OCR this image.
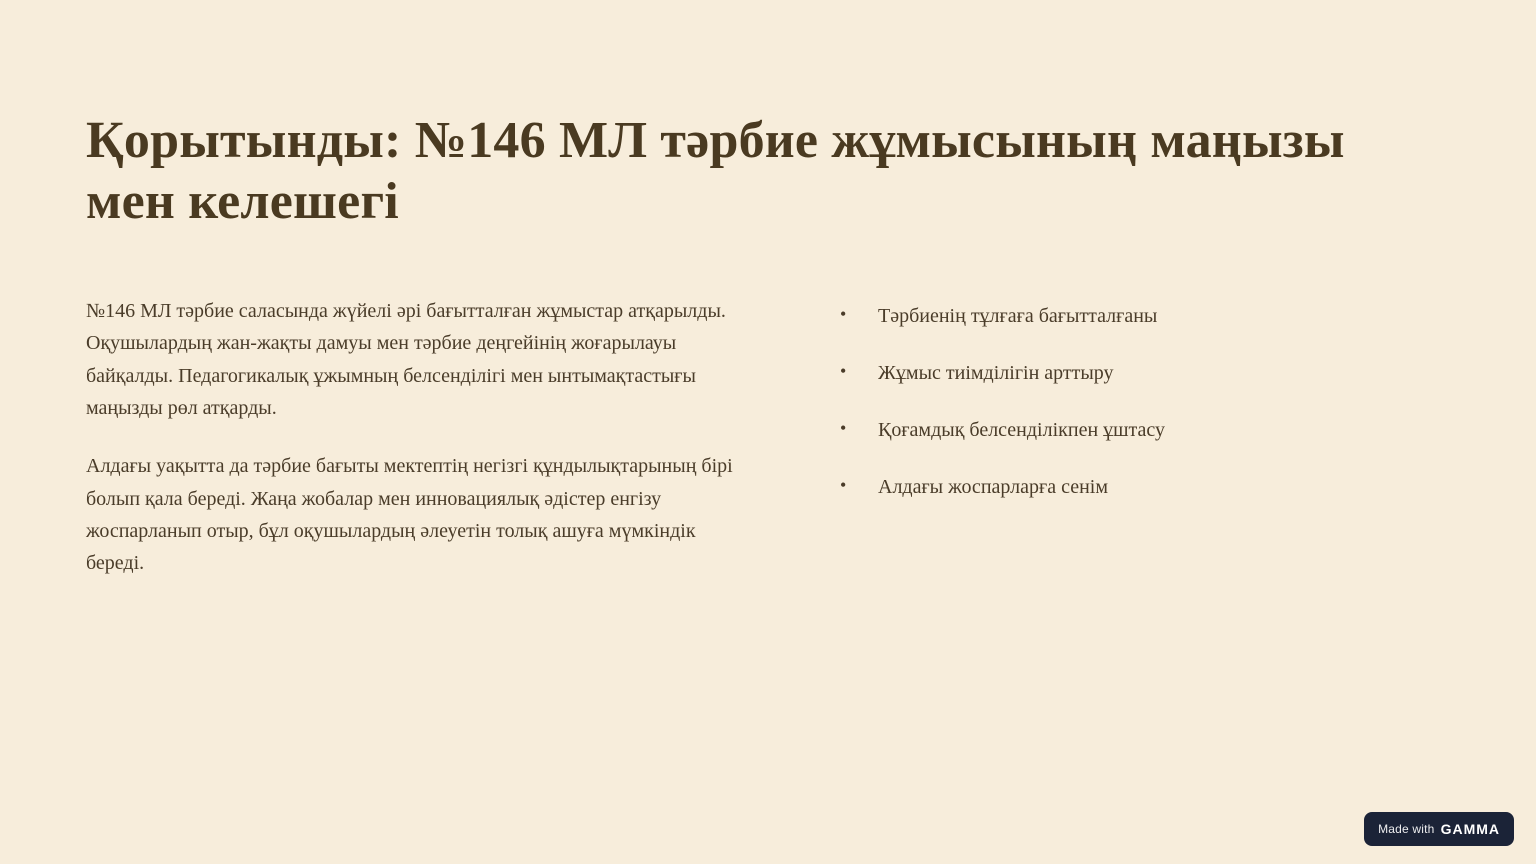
Қорытынды: №146 МЛ тәрбие жұмысының маңызы мен келешегі

№146 МЛ тәрбие саласында жүйелі әрі бағытталған жұмыстар атқарылды. Оқушылардың жан-жақты дамуы мен тәрбие деңгейінің жоғарылауы байқалды. Педагогикалық ұжымның белсенділігі мен ынтымақтастығы маңызды рөл атқарды.

Алдағы уақытта да тәрбие бағыты мектептің негізгі құндылықтарының бірі болып қала береді. Жаңа жобалар мен инновациялық әдістер енгізу жоспарланып отыр, бұл оқушылардың әлеуетін толық ашуға мүмкіндік береді.

•	Тәрбиенің тұлғаға бағытталғаны
•	Жұмыс тиімділігін арттыру
•	Қоғамдық белсенділікпен ұштасу
•	Алдағы жоспарларға сенім
Made with GAMMA
